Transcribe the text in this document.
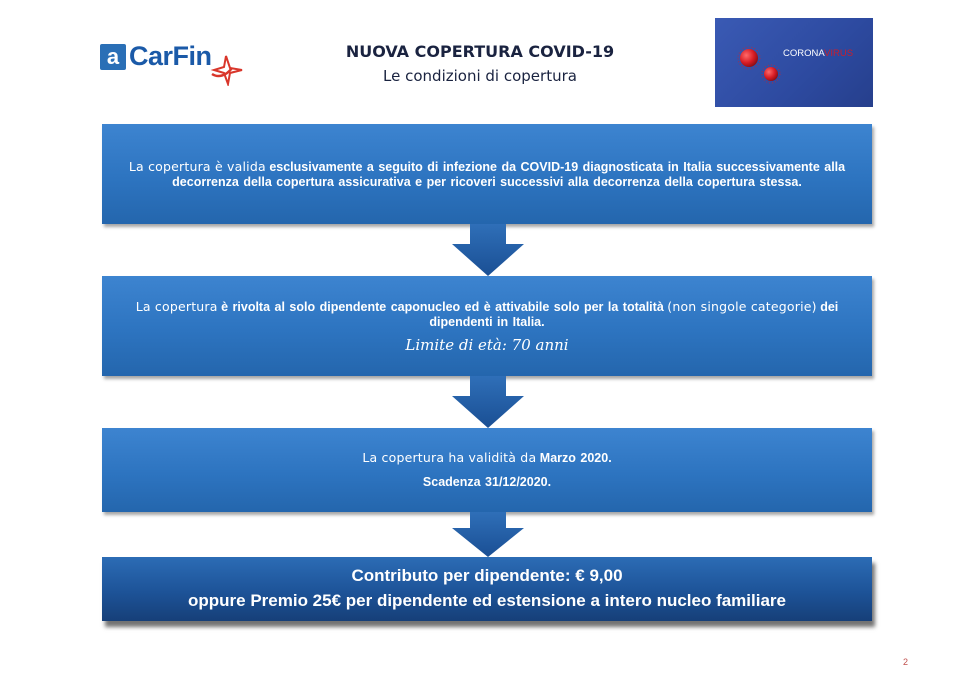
a CarFin	NUOVA COPERTURA COVID-19
Le condizioni di copertura
CORONAVIRUS
La copertura è valida esclusivamente a seguito di infezione da COVID-19 diagnosticata in Italia successivamente alla decorrenza della copertura assicurativa e per ricoveri successivi alla decorrenza della copertura stessa.
La copertura è rivolta al solo dipendente caponucleo ed è attivabile solo per la totalità (non singole categorie) dei dipendenti in Italia.
Limite di età: 70 anni
La copertura ha validità da Marzo 2020.
Scadenza 31/12/2020.
Contributo per dipendente: € 9,00
oppure Premio 25€ per dipendente ed estensione a intero nucleo familiare
2
